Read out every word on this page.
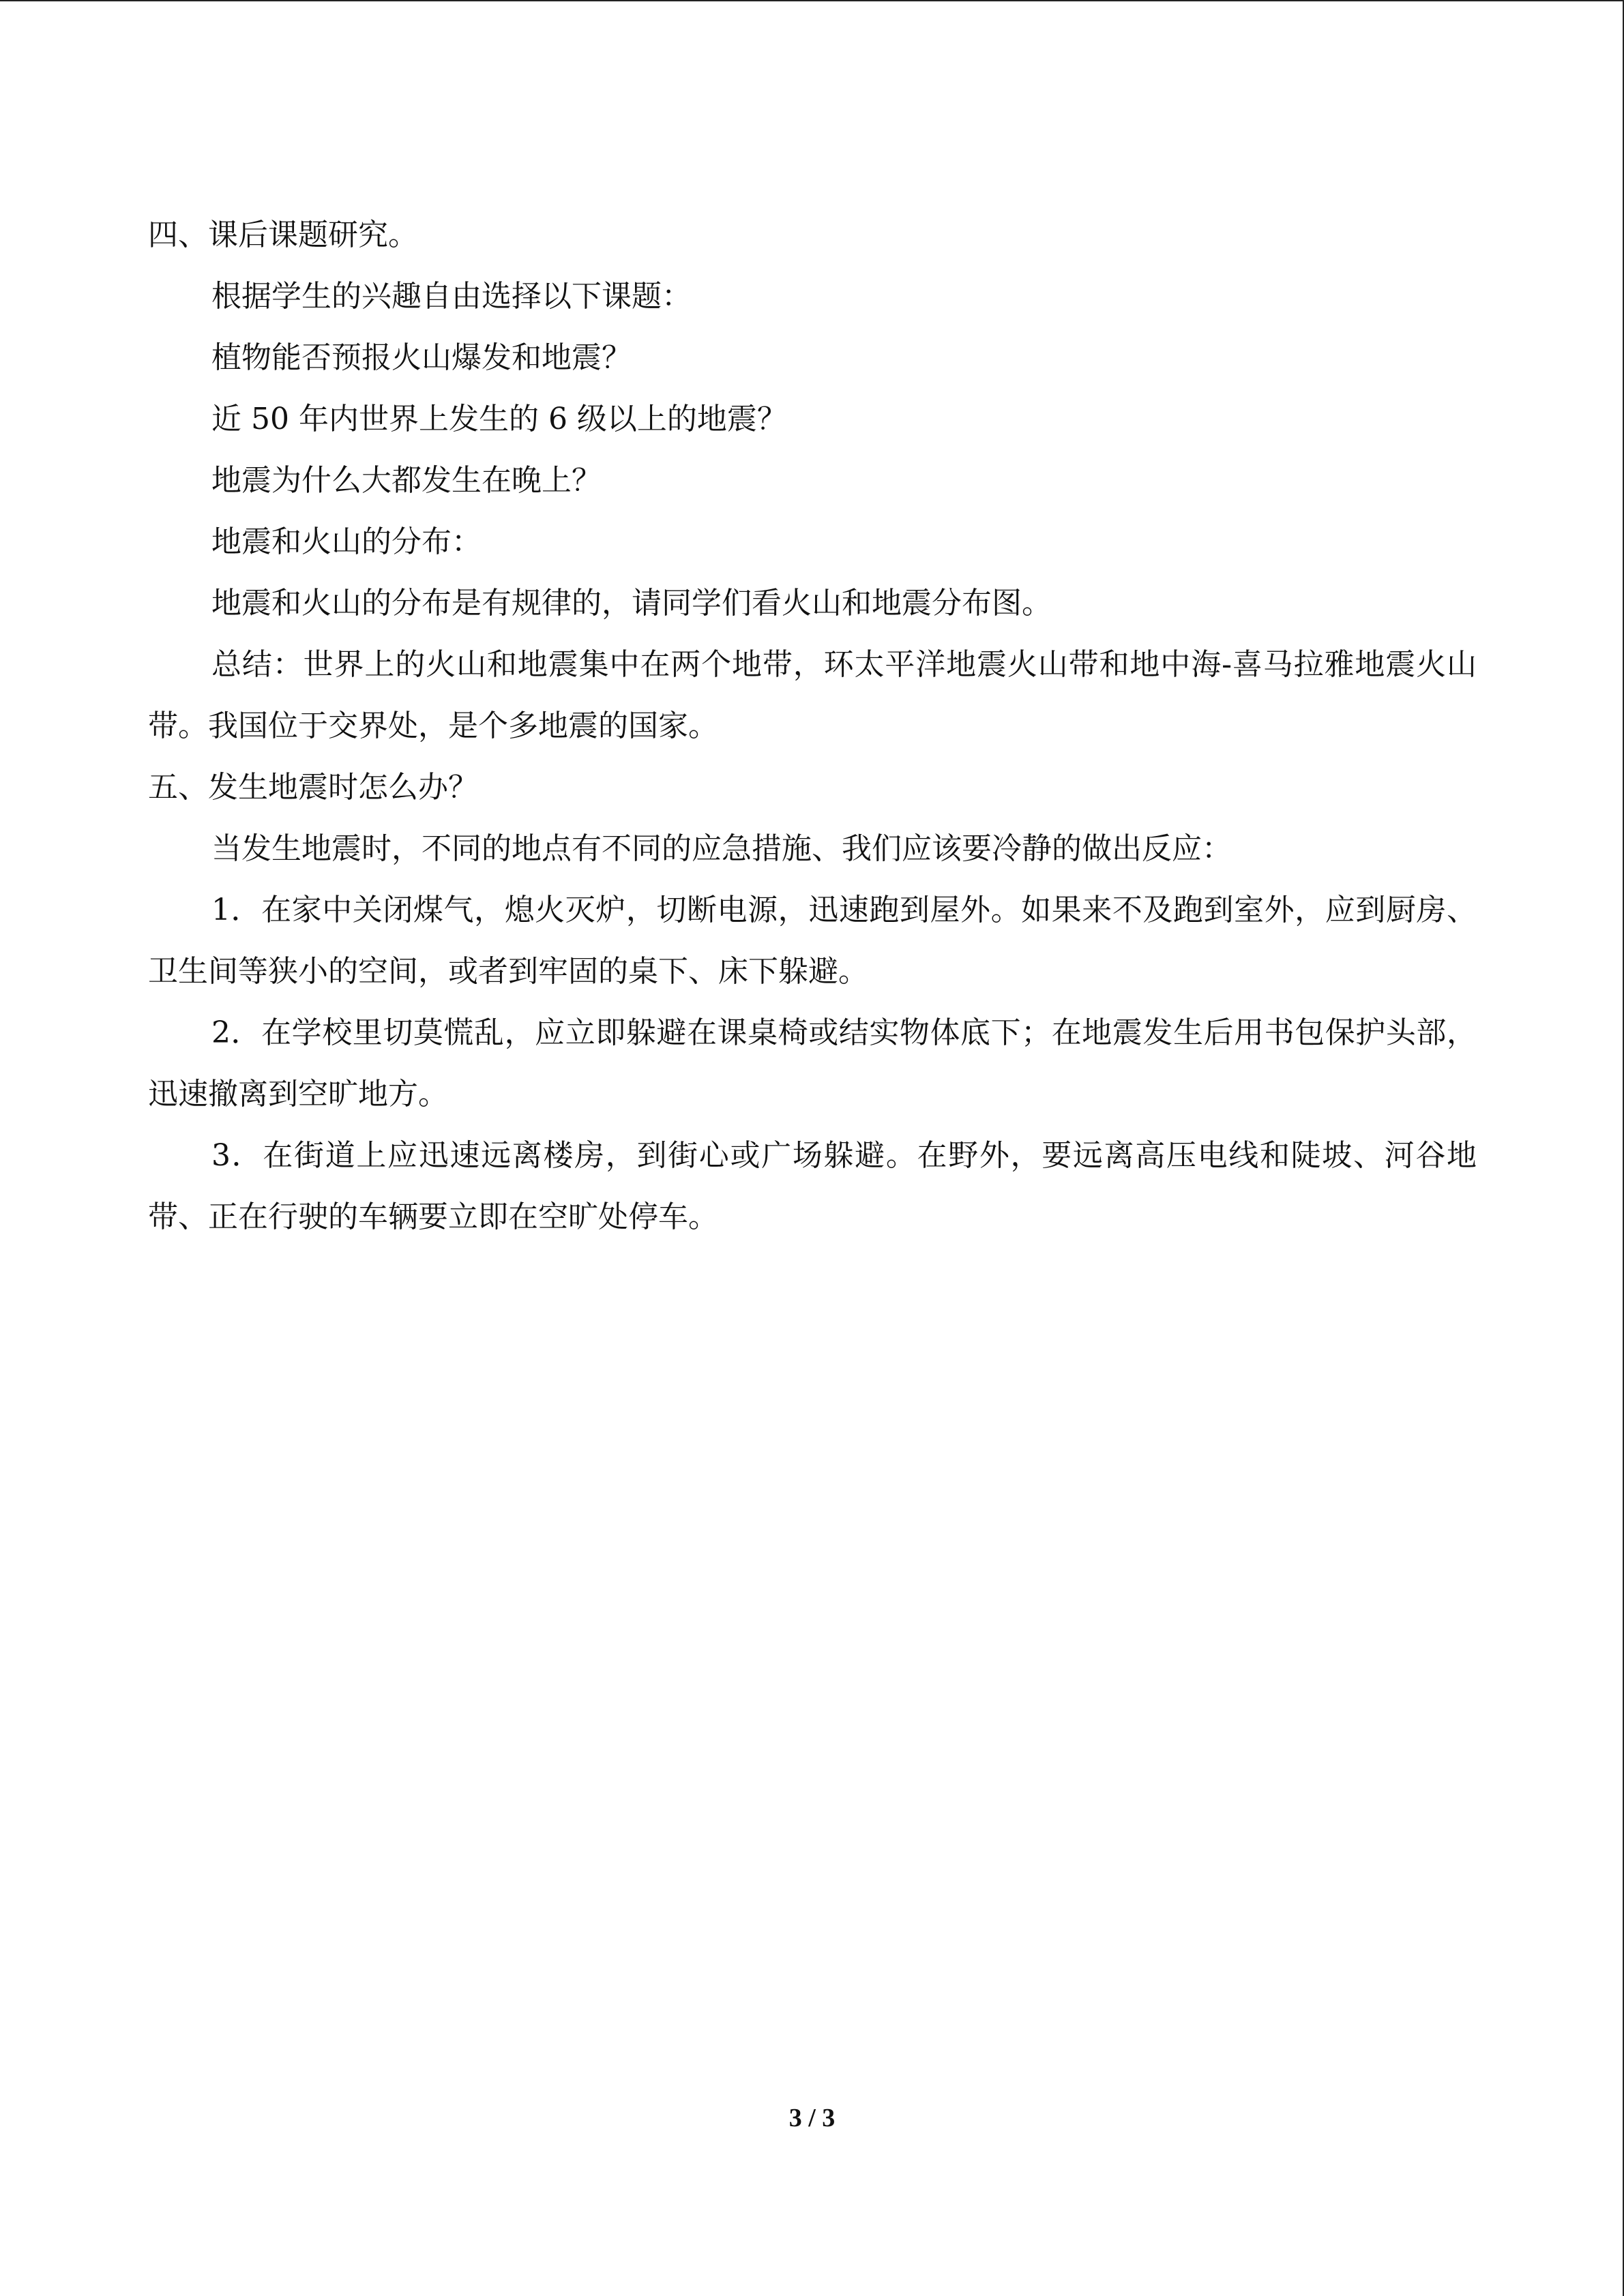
四、课后课题研究。

根据学生的兴趣自由选择以下课题：

植物能否预报火山爆发和地震？

近 50 年内世界上发生的 6 级以上的地震？

地震为什么大都发生在晚上？

地震和火山的分布：

地震和火山的分布是有规律的，请同学们看火山和地震分布图。

总结：世界上的火山和地震集中在两个地带，环太平洋地震火山带和地中海-喜马拉雅地震火山带。我国位于交界处，是个多地震的国家。

五、发生地震时怎么办？

当发生地震时，不同的地点有不同的应急措施、我们应该要冷静的做出反应：

1．在家中关闭煤气，熄火灭炉，切断电源，迅速跑到屋外。如果来不及跑到室外，应到厨房、卫生间等狭小的空间，或者到牢固的桌下、床下躲避。

2．在学校里切莫慌乱，应立即躲避在课桌椅或结实物体底下；在地震发生后用书包保护头部，迅速撤离到空旷地方。

3．在街道上应迅速远离楼房，到街心或广场躲避。在野外，要远离高压电线和陡坡、河谷地带、正在行驶的车辆要立即在空旷处停车。

3 / 3
